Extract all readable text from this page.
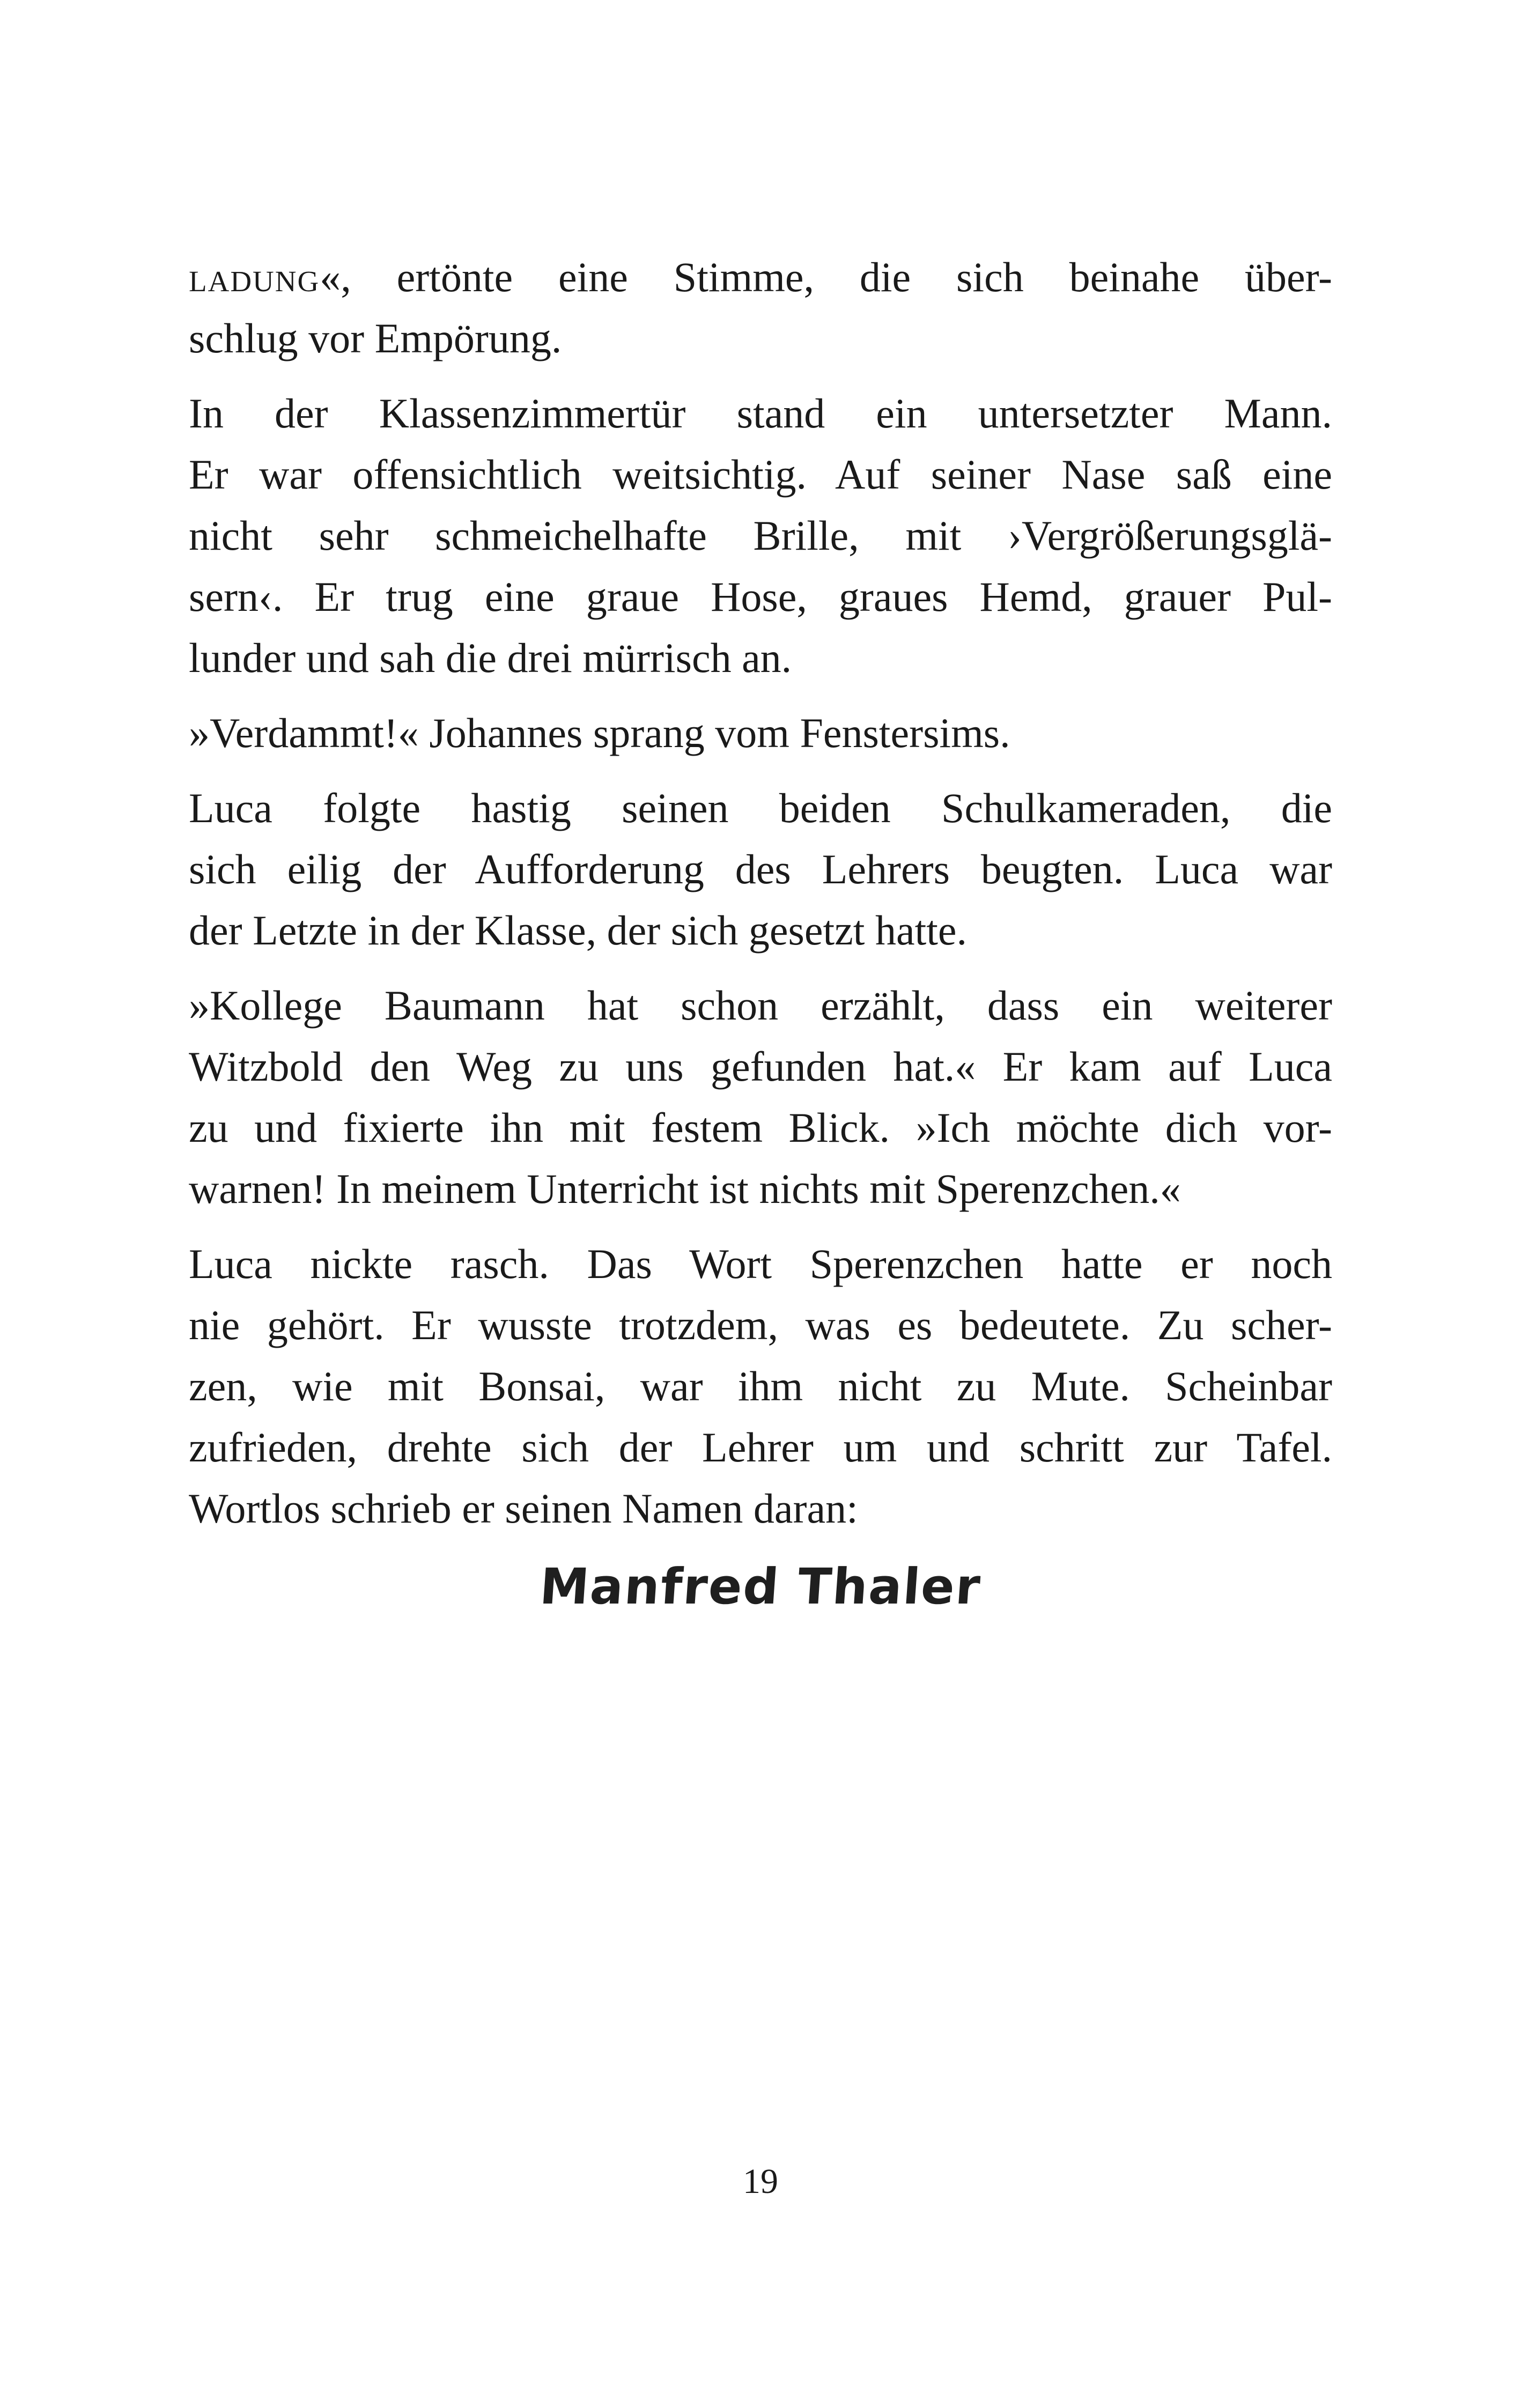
ladung«, ertönte eine Stimme, die sich beinahe über-
schlug vor Empörung.
In der Klassenzimmertür stand ein untersetzter Mann.
Er war offensichtlich weitsichtig. Auf seiner Nase saß eine
nicht sehr schmeichelhafte Brille, mit ›Vergrößerungsglä-
sern‹. Er trug eine graue Hose, graues Hemd, grauer Pul-
lunder und sah die drei mürrisch an.
»Verdammt!« Johannes sprang vom Fenstersims.
Luca folgte hastig seinen beiden Schulkameraden, die
sich eilig der Aufforderung des Lehrers beugten. Luca war
der Letzte in der Klasse, der sich gesetzt hatte.
»Kollege Baumann hat schon erzählt, dass ein weiterer
Witzbold den Weg zu uns gefunden hat.« Er kam auf Luca
zu und fixierte ihn mit festem Blick. »Ich möchte dich vor-
warnen! In meinem Unterricht ist nichts mit Sperenzchen.«
Luca nickte rasch. Das Wort Sperenzchen hatte er noch
nie gehört. Er wusste trotzdem, was es bedeutete. Zu scher-
zen, wie mit Bonsai, war ihm nicht zu Mute. Scheinbar
zufrieden, drehte sich der Lehrer um und schritt zur Tafel.
Wortlos schrieb er seinen Namen daran:
Manfred Thaler
19
